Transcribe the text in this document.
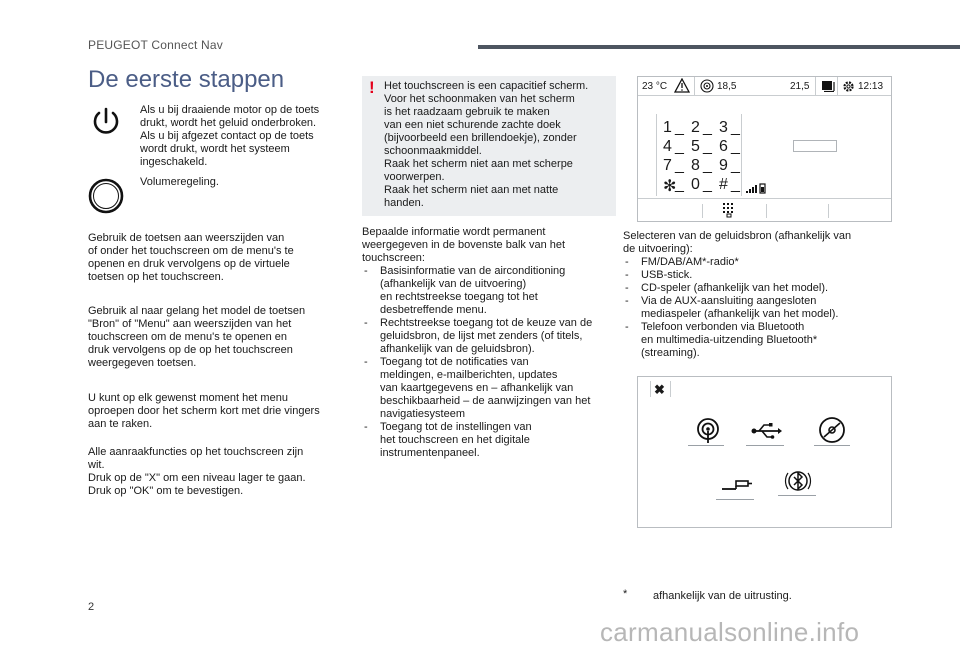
PEUGEOT Connect Nav
De eerste stappen
Als u bij draaiende motor op de toets
drukt, wordt het geluid onderbroken.
Als u bij afgezet contact op de toets
wordt drukt, wordt het systeem
ingeschakeld.
Volumeregeling.
Gebruik de toetsen aan weerszijden van
of onder het touchscreen om de menu's te
openen en druk vervolgens op de virtuele
toetsen op het touchscreen.
Gebruik al naar gelang het model de toetsen
"Bron" of "Menu" aan weerszijden van het
touchscreen om de menu's te openen en
druk vervolgens op de op het touchscreen
weergegeven toetsen.
U kunt op elk gewenst moment het menu
oproepen door het scherm kort met drie vingers
aan te raken.
Alle aanraakfuncties op het touchscreen zijn
wit.
Druk op de "X" om een niveau lager te gaan.
Druk op "OK" om te bevestigen.
! Het touchscreen is een capacitief scherm.
Voor het schoonmaken van het scherm
is het raadzaam gebruik te maken
van een niet schurende zachte doek
(bijvoorbeeld een brillendoekje), zonder
schoonmaakmiddel.
Raak het scherm niet aan met scherpe
voorwerpen.
Raak het scherm niet aan met natte
handen.
Bepaalde informatie wordt permanent
weergegeven in de bovenste balk van het
touchscreen:
- Basisinformatie van de airconditioning
(afhankelijk van de uitvoering)
en rechtstreekse toegang tot het
desbetreffende menu.
- Rechtstreekse toegang tot de keuze van de
geluidsbron, de lijst met zenders (of titels,
afhankelijk van de geluidsbron).
- Toegang tot de notificaties van
meldingen, e-mailberichten, updates
van kaartgegevens en – afhankelijk van
beschikbaarheid – de aanwijzingen van het
navigatiesysteem
- Toegang tot de instellingen van
het touchscreen en het digitale
instrumentenpaneel.
23 °C	18,5	21,5	12:13
1 _ 2 _ 3 _
4 _ 5 _ 6 _
7 _ 8 _ 9 _
✻
_ 0 _ # _
Selecteren van de geluidsbron (afhankelijk van
de uitvoering):
- FM/DAB/AM*-radio*
- USB-stick.
- CD-speler (afhankelijk van het model).
- Via de AUX-aansluiting aangesloten
mediaspeler (afhankelijk van het model).
- Telefoon verbonden via Bluetooth
en multimedia-uitzending Bluetooth*
(streaming).
✖
* afhankelijk van de uitrusting.
2
carmanualsonline.info
